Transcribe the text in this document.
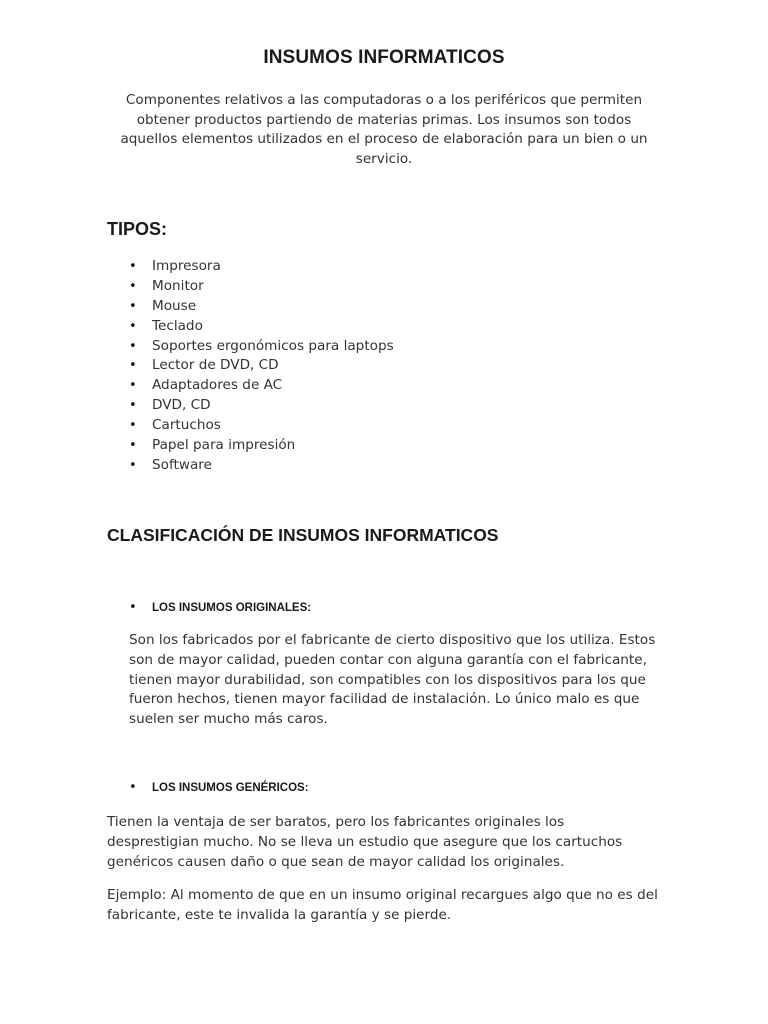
INSUMOS INFORMATICOS
Componentes relativos a las computadoras o a los periféricos que permiten obtener productos partiendo de materias primas. Los insumos son todos aquellos elementos utilizados en el proceso de elaboración para un bien o un servicio.
TIPOS:
• Impresora
• Monitor
• Mouse
• Teclado
• Soportes ergonómicos para laptops
• Lector de DVD, CD
• Adaptadores de AC
• DVD, CD
• Cartuchos
• Papel para impresión
• Software
CLASIFICACIÓN DE INSUMOS INFORMATICOS
• LOS INSUMOS ORIGINALES:

Son los fabricados por el fabricante de cierto dispositivo que los utiliza. Estos son de mayor calidad, pueden contar con alguna garantía con el fabricante, tienen mayor durabilidad, son compatibles con los dispositivos para los que fueron hechos, tienen mayor facilidad de instalación. Lo único malo es que suelen ser mucho más caros.

• LOS INSUMOS GENÉRICOS:

Tienen la ventaja de ser baratos, pero los fabricantes originales los desprestigian mucho. No se lleva un estudio que asegure que los cartuchos genéricos causen daño o que sean de mayor calidad los originales.

Ejemplo: Al momento de que en un insumo original recargues algo que no es del fabricante, este te invalida la garantía y se pierde.
